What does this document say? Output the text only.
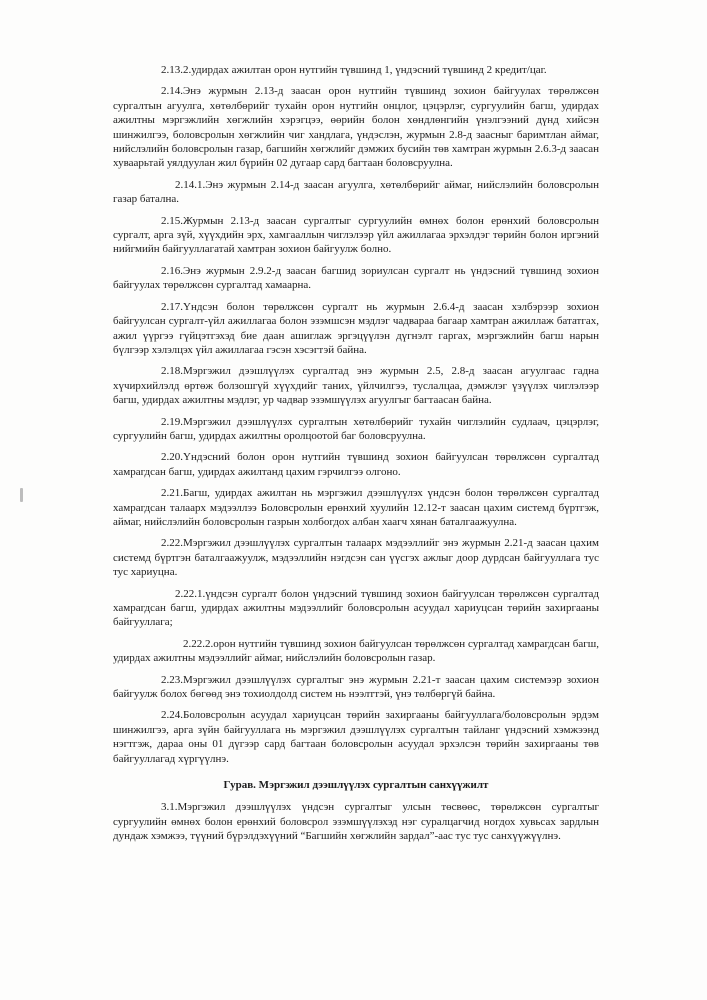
2.13.2.удирдах ажилтан орон нутгийн түвшинд 1, үндэсний түвшинд 2 кредит/цаг.

2.14.Энэ журмын 2.13-д заасан орон нутгийн түвшинд зохион байгуулах төрөлжсөн сургалтын агуулга, хөтөлбөрийг тухайн орон нутгийн онцлог, цэцэрлэг, сургуулийн багш, удирдах ажилтны мэргэжлийн хөгжлийн хэрэгцээ, өөрийн болон хөндлөнгийн үнэлгээний дүнд хийсэн шинжилгээ, боловсролын хөгжлийн чиг хандлага, үндэслэн, журмын 2.8-д заасныг баримтлан аймаг, нийслэлийн боловсролын газар, багшийн хөгжлийг дэмжих бусийн төв хамтран журмын 2.6.3-д заасан хуваарьтай уялдуулан жил бүрийн 02 дугаар сард багтаан боловсруулна.

2.14.1.Энэ журмын 2.14-д заасан агуулга, хөтөлбөрийг аймаг, нийслэлийн боловсролын газар батална.

2.15.Журмын 2.13-д заасан сургалтыг сургуулийн өмнөх болон ерөнхий боловсролын сургалт, арга зүй, хүүхдийн эрх, хамгааллын чиглэлээр үйл ажиллагаа эрхэлдэг төрийн болон иргэний нийгмийн байгууллагатай хамтран зохион байгуулж болно.

2.16.Энэ журмын 2.9.2-д заасан багшид зориулсан сургалт нь үндэсний түвшинд зохион байгуулах төрөлжсөн сургалтад хамаарна.

2.17.Үндсэн болон төрөлжсөн сургалт нь журмын 2.6.4-д заасан хэлбэрээр зохион байгуулсан сургалт-үйл ажиллагаа болон эзэмшсэн мэдлэг чадвараа багаар хамтран ажиллаж бататгах, ажил үүргээ гүйцэтгэхэд бие даан ашиглаж эргэцүүлэн дүгнэлт гаргах, мэргэжлийн багш нарын бүлгээр хэлэлцэх үйл ажиллагаа гэсэн хэсэгтэй байна.

2.18.Мэргэжил дээшлүүлэх сургалтад энэ журмын 2.5, 2.8-д заасан агуулгаас гадна хүчирхийлэлд өртөж болзошгүй хүүхдийг таних, үйлчилгээ, туслалцаа, дэмжлэг үзүүлэх чиглэлээр багш, удирдах ажилтны мэдлэг, ур чадвар эзэмшүүлэх агуулгыг багтаасан байна.

2.19.Мэргэжил дээшлүүлэх сургалтын хөтөлбөрийг тухайн чиглэлийн судлаач, цэцэрлэг, сургуулийн багш, удирдах ажилтны оролцоотой баг боловсруулна.

2.20.Үндэсний болон орон нутгийн түвшинд зохион байгуулсан төрөлжсөн сургалтад хамрагдсан багш, удирдах ажилтанд цахим гэрчилгээ олгоно.

2.21.Багш, удирдах ажилтан нь мэргэжил дээшлүүлэх үндсэн болон төрөлжсөн сургалтад хамрагдсан талаарх мэдээллээ Боловсролын ерөнхий хуулийн 12.12-т заасан цахим системд бүртгэж, аймаг, нийслэлийн боловсролын газрын холбогдох албан хаагч хянан баталгаажуулна.

2.22.Мэргэжил дээшлүүлэх сургалтын талаарх мэдээллийг энэ журмын 2.21-д заасан цахим системд бүртгэн баталгаажуулж, мэдээллийн нэгдсэн сан үүсгэх ажлыг доор дурдсан байгууллага тус тус хариуцна.

2.22.1.үндсэн сургалт болон үндэсний түвшинд зохион байгуулсан төрөлжсөн сургалтад хамрагдсан багш, удирдах ажилтны мэдээллийг боловсролын асуудал хариуцсан төрийн захиргааны байгууллага;

2.22.2.орон нутгийн түвшинд зохион байгуулсан төрөлжсөн сургалтад хамрагдсан багш, удирдах ажилтны мэдээллийг аймаг, нийслэлийн боловсролын газар.

2.23.Мэргэжил дээшлүүлэх сургалтыг энэ журмын 2.21-т заасан цахим системээр зохион байгуулж болох бөгөөд энэ тохиолдолд систем нь нээлттэй, үнэ төлбөргүй байна.

2.24.Боловсролын асуудал хариуцсан төрийн захиргааны байгууллага/боловсролын эрдэм шинжилгээ, арга зүйн байгууллага нь мэргэжил дээшлүүлэх сургалтын тайланг үндэсний хэмжээнд нэгтгэж, дараа оны 01 дүгээр сард багтаан боловсролын асуудал эрхэлсэн төрийн захиргааны төв байгууллагад хүргүүлнэ.

Гурав. Мэргэжил дээшлүүлэх сургалтын санхүүжилт

3.1.Мэргэжил дээшлүүлэх үндсэн сургалтыг улсын төсвөөс, төрөлжсөн сургалтыг сургуулийн өмнөх болон ерөнхий боловсрол эзэмшүүлэхэд нэг суралцагчид ногдох хувьсах зардлын дундаж хэмжээ, түүний бүрэлдэхүүний “Багшийн хөгжлийн зардал”-аас тус тус санхүүжүүлнэ.
